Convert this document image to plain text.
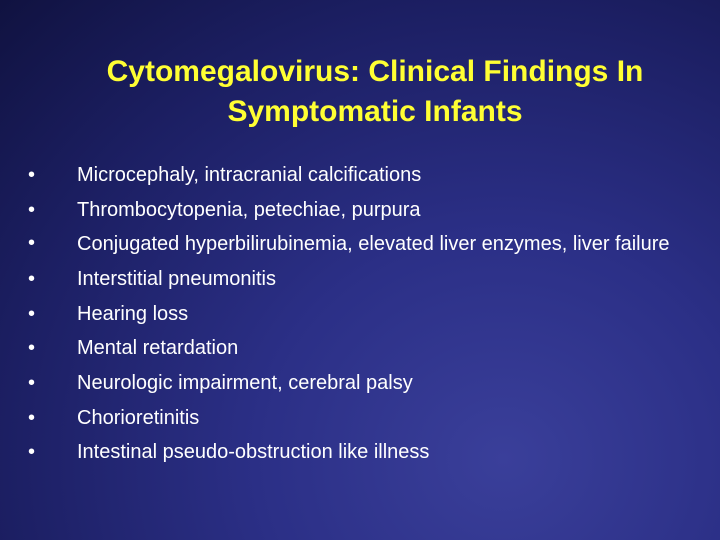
Cytomegalovirus: Clinical Findings In
Symptomatic Infants
•	Microcephaly, intracranial calcifications
•	Thrombocytopenia, petechiae, purpura
•	Conjugated hyperbilirubinemia, elevated liver enzymes, liver failure
•	Interstitial pneumonitis
•	Hearing loss
•	Mental retardation
•	Neurologic impairment, cerebral palsy
•	Chorioretinitis
•	Intestinal pseudo-obstruction like illness
